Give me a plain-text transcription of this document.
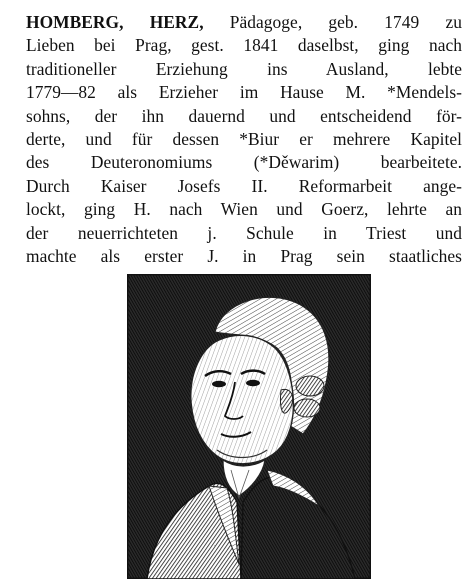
HOMBERG, HERZ, Pädagoge, geb. 1749 zu
Lieben bei Prag, gest. 1841 daselbst, ging nach
traditioneller Erziehung ins Ausland, lebte
1779—82 als Erzieher im Hause M. *Mendels-
sohns, der ihn dauernd und entscheidend för-
derte, und für dessen *Biur er mehrere Kapitel
des Deuteronomiums (*Děwarim) bearbeitete.
Durch Kaiser Josefs II. Reformarbeit ange-
lockt, ging H. nach Wien und Goerz, lehrte an
der neuerrichteten j. Schule in Triest und
machte als erster J. in Prag sein staatliches
